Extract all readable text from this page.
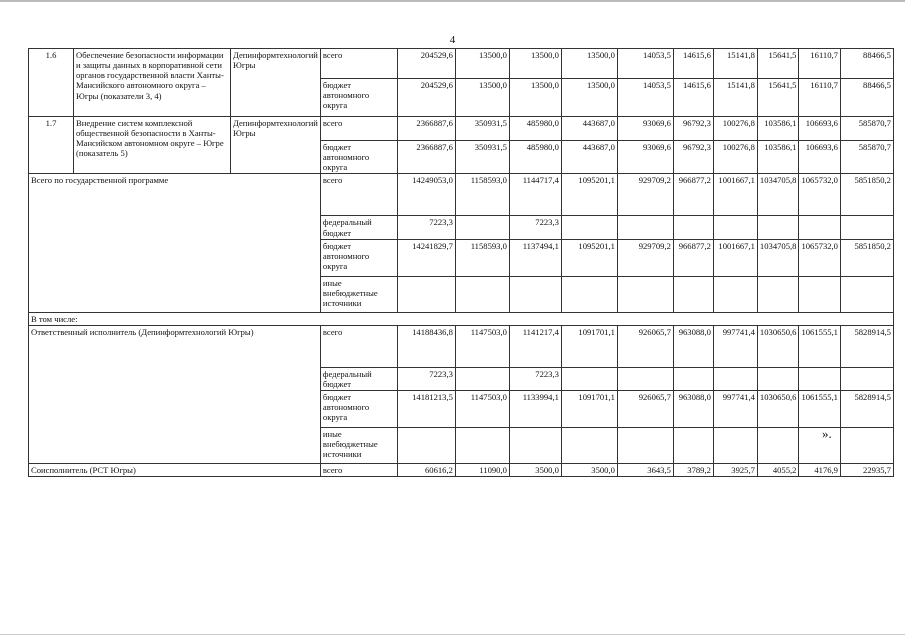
4
1.6	Обеспечение безопасности информации и защиты данных в корпоративной сети органов государственной власти Ханты-Мансийского автономного округа – Югры (показатели 3, 4)	Депинформтехнологий Югры	всего	204529,6	13500,0	13500,0	13500,0	14053,5	14615,6	15141,8	15641,5	16110,7	88466,5
			бюджет автономного округа	204529,6	13500,0	13500,0	13500,0	14053,5	14615,6	15141,8	15641,5	16110,7	88466,5
1.7	Внедрение систем комплексной общественной безопасности в Ханты-Мансийском автономном округе – Югре (показатель 5)	Депинформтехнологий Югры	всего	2366887,6	350931,5	485980,0	443687,0	93069,6	96792,3	100276,8	103586,1	106693,6	585870,7
			бюджет автономного округа	2366887,6	350931,5	485980,0	443687,0	93069,6	96792,3	100276,8	103586,1	106693,6	585870,7
Всего по государственной программе			всего	14249053,0	1158593,0	1144717,4	1095201,1	929709,2	966877,2	1001667,1	1034705,8	1065732,0	5851850,2
			федеральный бюджет	7223,3		7223,3							
			бюджет автономного округа	14241829,7	1158593,0	1137494,1	1095201,1	929709,2	966877,2	1001667,1	1034705,8	1065732,0	5851850,2
			иные внебюджетные источники										
В том числе:													
Ответственный исполнитель (Депинформтехнологий Югры)			всего	14188436,8	1147503,0	1141217,4	1091701,1	926065,7	963088,0	997741,4	1030650,6	1061555,1	5828914,5
			федеральный бюджет	7223,3		7223,3							
			бюджет автономного округа	14181213,5	1147503,0	1133994,1	1091701,1	926065,7	963088,0	997741,4	1030650,6	1061555,1	5828914,5
			иные внебюджетные источники										
Соисполнитель (РСТ Югры)			всего	60616,2	11090,0	3500,0	3500,0	3643,5	3789,2	3925,7	4055,2	4176,9	22935,7
».
